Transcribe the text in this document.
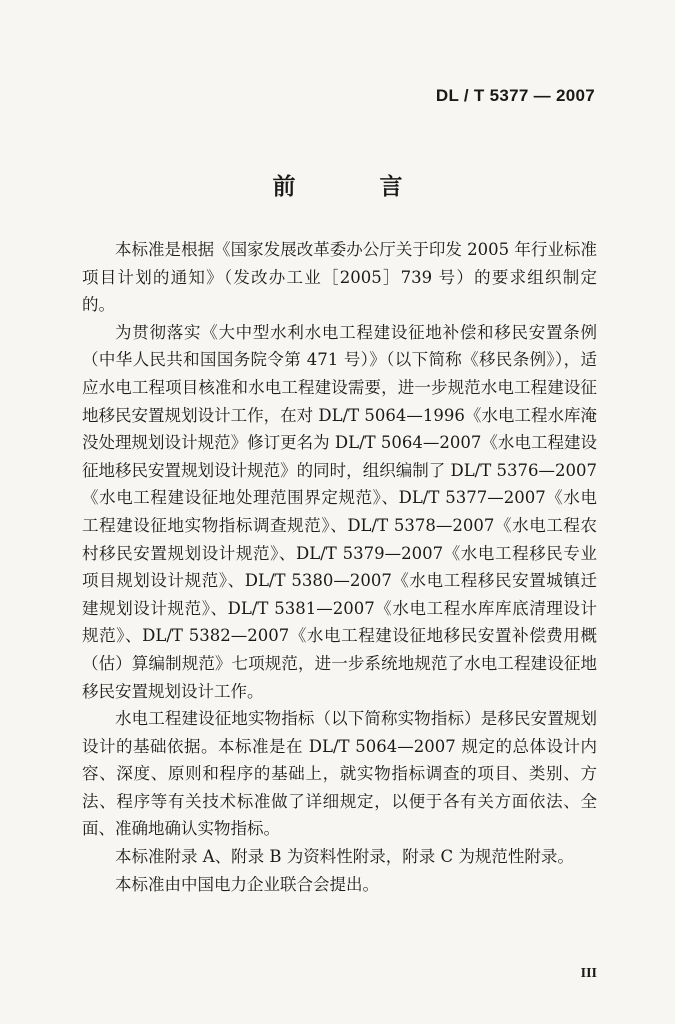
DL / T 5377 — 2007
前 言

本标准是根据《国家发展改革委办公厅关于印发 2005 年行业标准项目计划的通知》（发改办工业［2005］739 号）的要求组织制定的。

为贯彻落实《大中型水利水电工程建设征地补偿和移民安置条例（中华人民共和国国务院令第 471 号）》（以下简称《移民条例》），适应水电工程项目核准和水电工程建设需要，进一步规范水电工程建设征地移民安置规划设计工作，在对 DL/T 5064—1996《水电工程水库淹没处理规划设计规范》修订更名为 DL/T 5064—2007《水电工程建设征地移民安置规划设计规范》的同时，组织编制了 DL/T 5376—2007《水电工程建设征地处理范围界定规范》、DL/T 5377—2007《水电工程建设征地实物指标调查规范》、DL/T 5378—2007《水电工程农村移民安置规划设计规范》、DL/T 5379—2007《水电工程移民专业项目规划设计规范》、DL/T 5380—2007《水电工程移民安置城镇迁建规划设计规范》、DL/T 5381—2007《水电工程水库库底清理设计规范》、DL/T 5382—2007《水电工程建设征地移民安置补偿费用概（估）算编制规范》七项规范，进一步系统地规范了水电工程建设征地移民安置规划设计工作。

水电工程建设征地实物指标（以下简称实物指标）是移民安置规划设计的基础依据。本标准是在 DL/T 5064—2007 规定的总体设计内容、深度、原则和程序的基础上，就实物指标调查的项目、类别、方法、程序等有关技术标准做了详细规定，以便于各有关方面依法、全面、准确地确认实物指标。

本标准附录 A、附录 B 为资料性附录，附录 C 为规范性附录。

本标准由中国电力企业联合会提出。

III
